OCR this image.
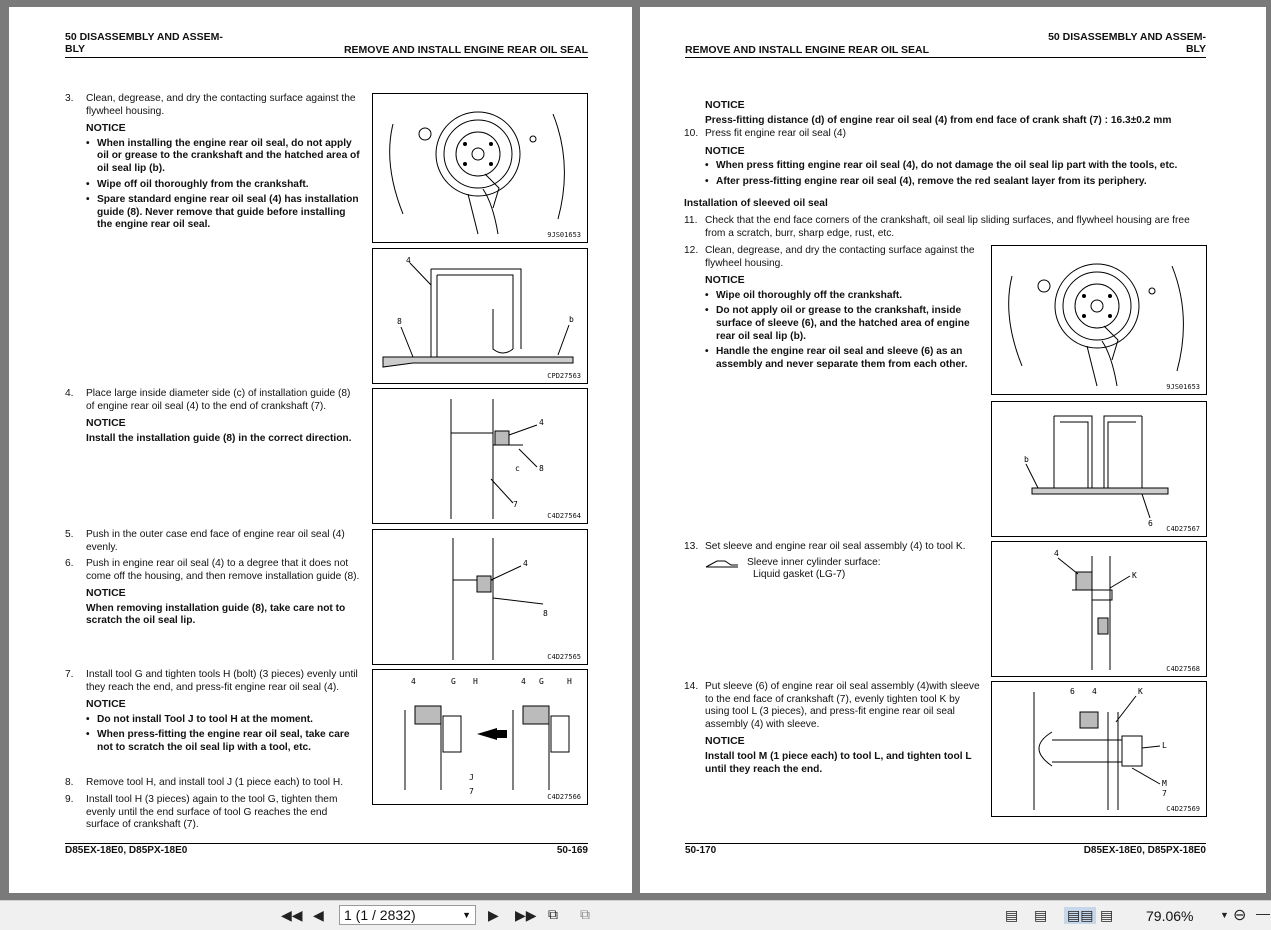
50 DISASSEMBLY AND ASSEM-
BLY	REMOVE AND INSTALL ENGINE REAR OIL SEAL
3. Clean, degrease, and dry the contacting surface against the flywheel housing.
NOTICE
• When installing the engine rear oil seal, do not apply oil or grease to the crankshaft and the hatched area of oil seal lip (b).
• Wipe off oil thoroughly from the crankshaft.
• Spare standard engine rear oil seal (4) has installation guide (8). Never remove that guide before installing the engine rear oil seal.
9JS01653
4
8	b
CPD27563
4. Place large inside diameter side (c) of installation guide (8) of engine rear oil seal (4) to the end of crankshaft (7).
NOTICE
Install the installation guide (8) in the correct direction.
4
8
c
7
C4D27564
5. Push in the outer case end face of engine rear oil seal (4) evenly.
6. Push in engine rear oil seal (4) to a degree that it does not come off the housing, and then remove installation guide (8).
NOTICE
When removing installation guide (8), take care not to scratch the oil seal lip.
4
8
C4D27565
7. Install tool G and tighten tools H (bolt) (3 pieces) evenly until they reach the end, and press-fit engine rear oil seal (4).
NOTICE
• Do not install Tool J to tool H at the moment.
• When press-fitting the engine rear oil seal, take care not to scratch the oil seal lip with a tool, etc.
8. Remove tool H, and install tool J (1 piece each) to tool H.
9. Install tool H (3 pieces) again to the tool G, tighten them evenly until the end surface of tool G reaches the end surface of crankshaft (7).
4	G H	4 G	H
J
7
C4D27566
D85EX-18E0, D85PX-18E0	50-169
REMOVE AND INSTALL ENGINE REAR OIL SEAL
50 DISASSEMBLY AND ASSEM-
BLY
NOTICE
Press-fitting distance (d) of engine rear oil seal (4) from end face of crank shaft (7) : 16.3±0.2 mm
10. Press fit engine rear oil seal (4)
NOTICE
• When press fitting engine rear oil seal (4), do not damage the oil seal lip part with the tools, etc.
• After press-fitting engine rear oil seal (4), remove the red sealant layer from its periphery.
Installation of sleeved oil seal
11. Check that the end face corners of the crankshaft, oil seal lip sliding surfaces, and flywheel housing are free from a scratch, burr, sharp edge, rust, etc.
12. Clean, degrease, and dry the contacting surface against the flywheel housing.
NOTICE
• Wipe oil thoroughly off the crankshaft.
• Do not apply oil or grease to the crankshaft, inside surface of sleeve (6), and the hatched area of engine rear oil seal lip (b).
• Handle the engine rear oil seal and sleeve (6) as an assembly and never separate them from each other.
9JS01653
b
6
C4D27567
13. Set sleeve and engine rear oil seal assembly (4) to tool K.
Sleeve inner cylinder surface:
Liquid gasket (LG-7)
4
K
C4D27568
14. Put sleeve (6) of engine rear oil seal assembly (4)with sleeve to the end face of crankshaft (7), evenly tighten tool K by using tool L (3 pieces), and press-fit engine rear oil seal assembly (4) with sleeve.
NOTICE
Install tool M (1 piece each) to tool L, and tighten tool L until they reach the end.
6 4	K
L
M
7
C4D27569
50-170	D85EX-18E0, D85PX-18E0
◀◀ ◀	1 (1 / 2832)	▼ ▶ ▶▶ ⧉ ⧉	▤ ▤ ▤▤ ▤ 79.06%	▼ ⊖ —
